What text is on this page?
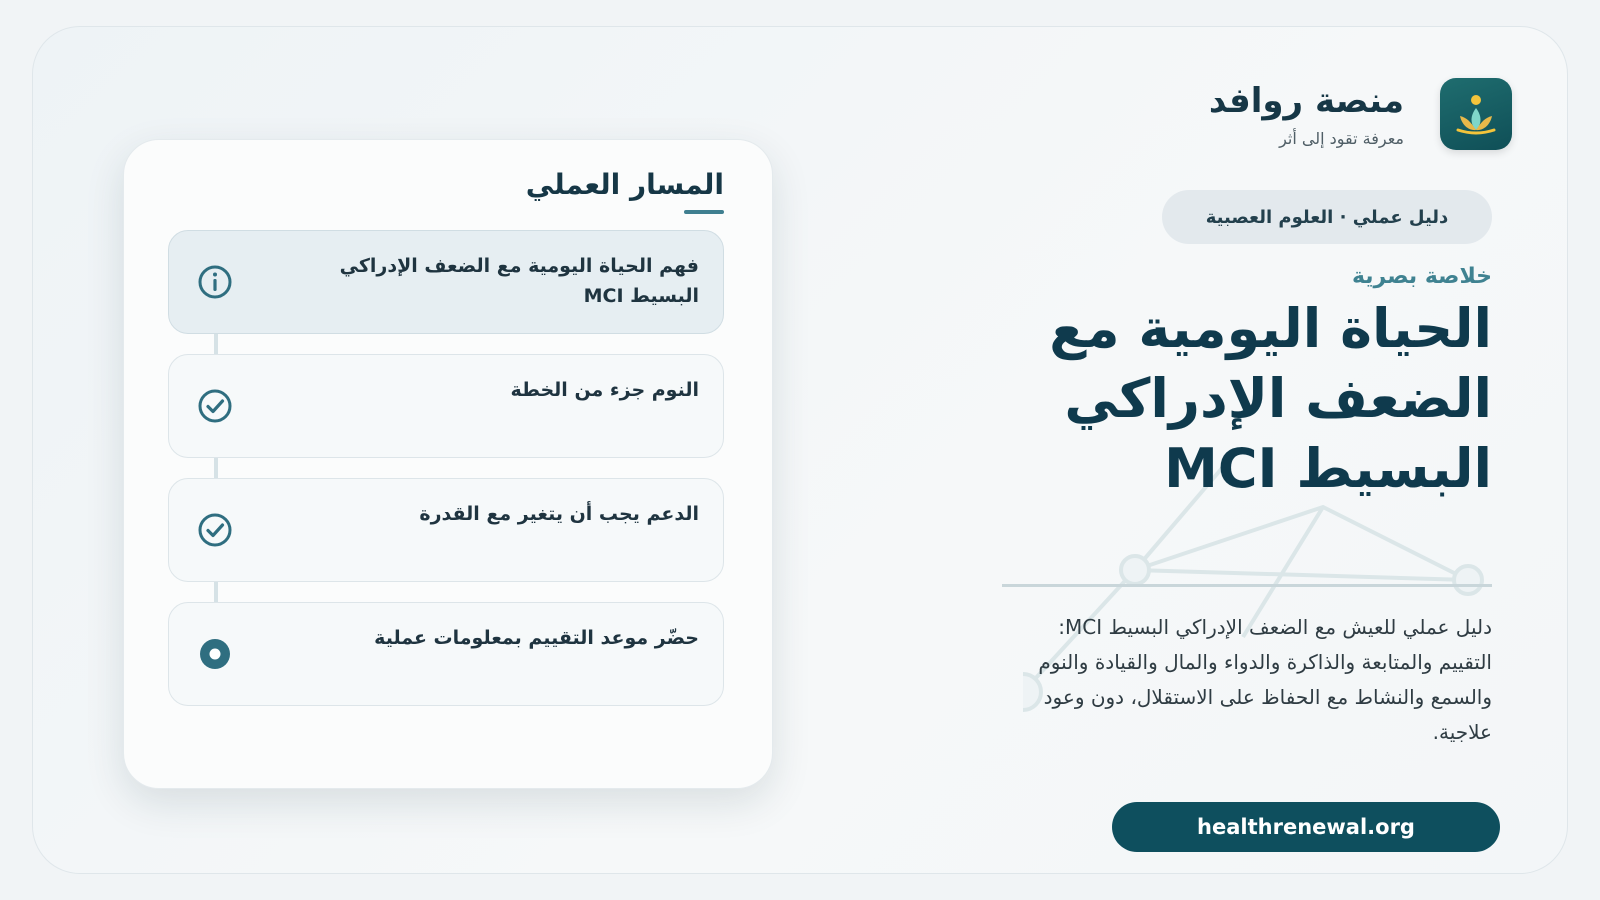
المسار العملي
فهم الحياة اليومية مع الضعف الإدراكي البسيط MCI
النوم جزء من الخطة
الدعم يجب أن يتغير مع القدرة
حضّر موعد التقييم بمعلومات عملية
منصة روافد
معرفة تقود إلى أثر
دليل عملي · العلوم العصبية
خلاصة بصرية
الحياة اليومية مع الضعف الإدراكي البسيط MCI
دليل عملي للعيش مع الضعف الإدراكي البسيط MCI: التقييم والمتابعة والذاكرة والدواء والمال والقيادة والنوم والسمع والنشاط مع الحفاظ على الاستقلال، دون وعود علاجية.
healthrenewal.org
